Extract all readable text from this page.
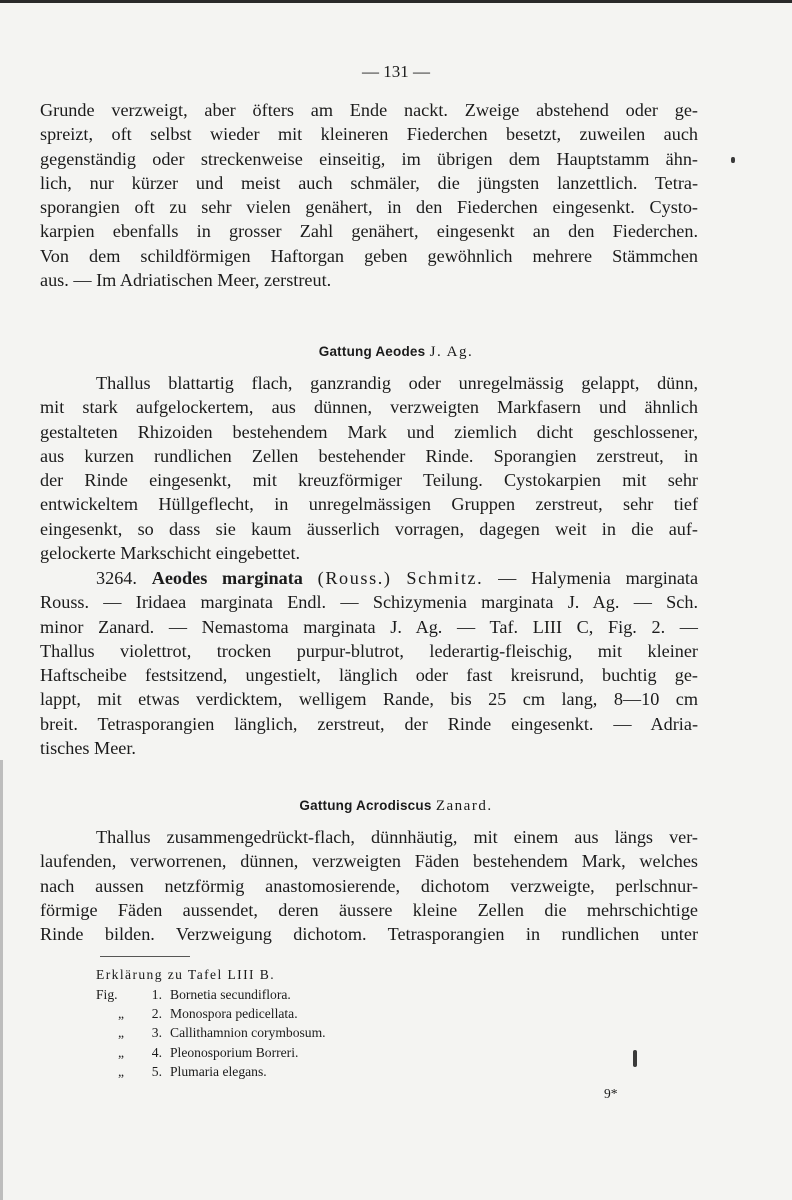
— 131 —
Grunde verzweigt, aber öfters am Ende nackt. Zweige abstehend oder ge-
spreizt, oft selbst wieder mit kleineren Fiederchen besetzt, zuweilen auch
gegenständig oder streckenweise einseitig, im übrigen dem Hauptstamm ähn-
lich, nur kürzer und meist auch schmäler, die jüngsten lanzettlich. Tetra-
sporangien oft zu sehr vielen genähert, in den Fiederchen eingesenkt. Cysto-
karpien ebenfalls in grosser Zahl genähert, eingesenkt an den Fiederchen.
Von dem schildförmigen Haftorgan geben gewöhnlich mehrere Stämmchen
aus. — Im Adriatischen Meer, zerstreut.
Gattung Aeodes J. Ag.
Thallus blattartig flach, ganzrandig oder unregelmässig gelappt, dünn,
mit stark aufgelockertem, aus dünnen, verzweigten Markfasern und ähnlich
gestalteten Rhizoiden bestehendem Mark und ziemlich dicht geschlossener,
aus kurzen rundlichen Zellen bestehender Rinde. Sporangien zerstreut, in
der Rinde eingesenkt, mit kreuzförmiger Teilung. Cystokarpien mit sehr
entwickeltem Hüllgeflecht, in unregelmässigen Gruppen zerstreut, sehr tief
eingesenkt, so dass sie kaum äusserlich vorragen, dagegen weit in die auf-
gelockerte Markschicht eingebettet.
3264. Aeodes marginata (Rouss.) Schmitz. — Halymenia marginata
Rouss. — Iridaea marginata Endl. — Schizymenia marginata J. Ag. — Sch.
minor Zanard. — Nemastoma marginata J. Ag. — Taf. LIII C, Fig. 2. —
Thallus violettrot, trocken purpur-blutrot, lederartig-fleischig, mit kleiner
Haftscheibe festsitzend, ungestielt, länglich oder fast kreisrund, buchtig ge-
lappt, mit etwas verdicktem, welligem Rande, bis 25 cm lang, 8—10 cm
breit. Tetrasporangien länglich, zerstreut, der Rinde eingesenkt. — Adria-
tisches Meer.
Gattung Acrodiscus Zanard.
Thallus zusammengedrückt-flach, dünnhäutig, mit einem aus längs ver-
laufenden, verworrenen, dünnen, verzweigten Fäden bestehendem Mark, welches
nach aussen netzförmig anastomosierende, dichotom verzweigte, perlschnur-
förmige Fäden aussendet, deren äussere kleine Zellen die mehrschichtige
Rinde bilden. Verzweigung dichotom. Tetrasporangien in rundlichen unter
Erklärung zu Tafel LIII B.
Fig.	1. Bornetia secundiflora.
„ 2. Monospora pedicellata.
„ 3. Callithamnion corymbosum.
„ 4. Pleonosporium Borreri.
„ 5. Plumaria elegans.
9*
